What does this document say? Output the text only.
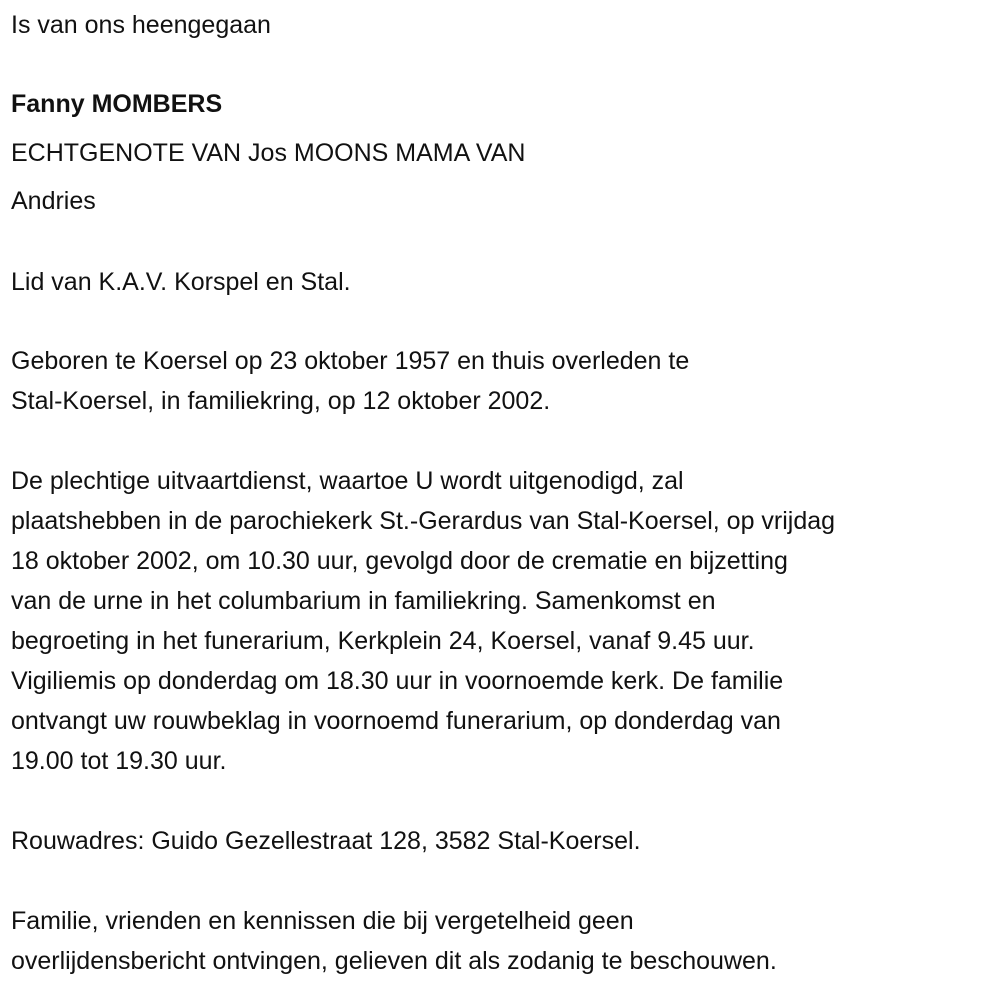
Is van ons heengegaan
Fanny MOMBERS
ECHTGENOTE VAN Jos MOONS MAMA VAN
Andries
Lid van K.A.V. Korspel en Stal.
Geboren te Koersel op 23 oktober 1957 en thuis overleden te
Stal-Koersel, in familiekring, op 12 oktober 2002.
De plechtige uitvaartdienst, waartoe U wordt uitgenodigd, zal
plaatshebben in de parochiekerk St.-Gerardus van Stal-Koersel, op vrijdag
18 oktober 2002, om 10.30 uur, gevolgd door de crematie en bijzetting
van de urne in het columbarium in familiekring. Samenkomst en
begroeting in het funerarium, Kerkplein 24, Koersel, vanaf 9.45 uur.
Vigiliemis op donderdag om 18.30 uur in voornoemde kerk. De familie
ontvangt uw rouwbeklag in voornoemd funerarium, op donderdag van
19.00 tot 19.30 uur.
Rouwadres: Guido Gezellestraat 128, 3582 Stal-Koersel.
Familie, vrienden en kennissen die bij vergetelheid geen
overlijdensbericht ontvingen, gelieven dit als zodanig te beschouwen.
